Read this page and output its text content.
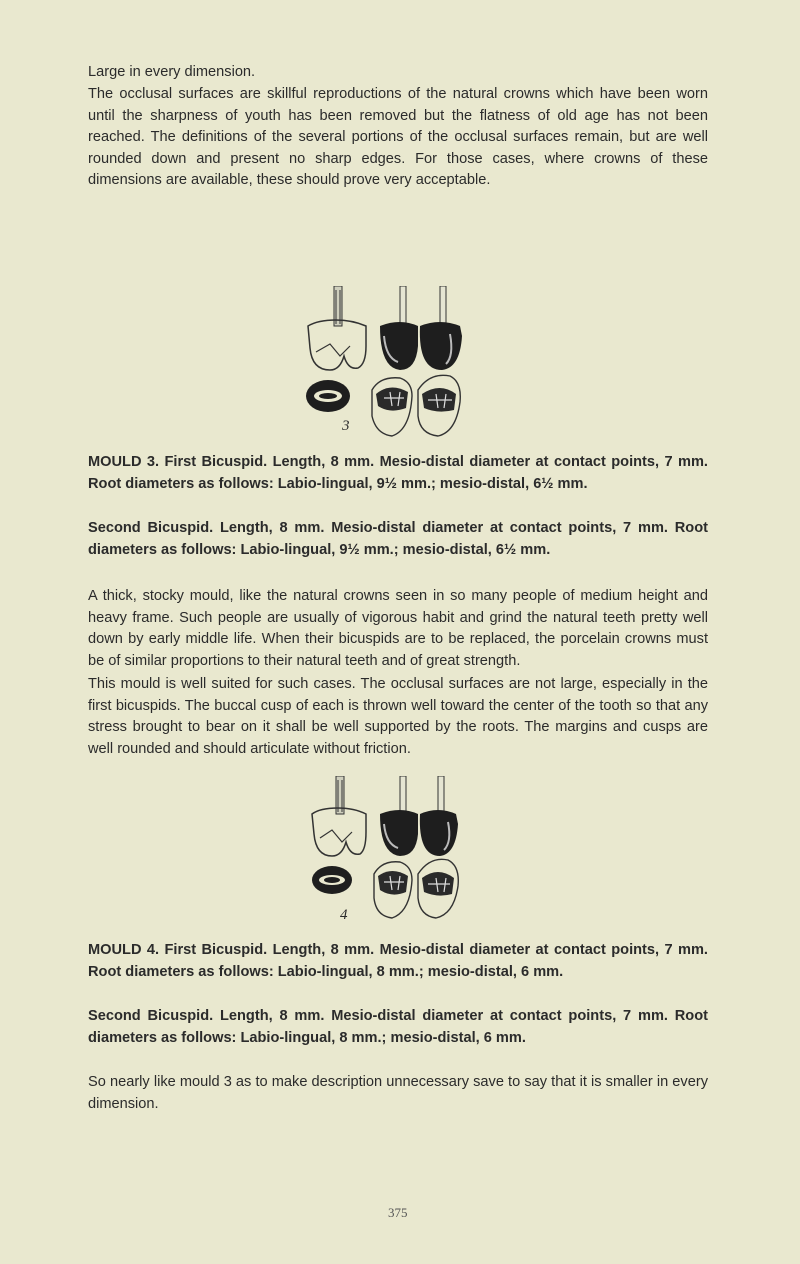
Large in every dimension.

The occlusal surfaces are skillful reproductions of the natural crowns which have been worn until the sharpness of youth has been removed but the flatness of old age has not been reached. The definitions of the several portions of the occlusal surfaces remain, but are well rounded down and present no sharp edges. For those cases, where crowns of these dimensions are available, these should prove very acceptable.

3

MOULD 3. First Bicuspid. Length, 8 mm. Mesio-distal diameter at contact points, 7 mm. Root diameters as follows: Labio-lingual, 9½ mm.; mesio-distal, 6½ mm.

Second Bicuspid. Length, 8 mm. Mesio-distal diameter at contact points, 7 mm. Root diameters as follows: Labio-lingual, 9½ mm.; mesio-distal, 6½ mm.

A thick, stocky mould, like the natural crowns seen in so many people of medium height and heavy frame. Such people are usually of vigorous habit and grind the natural teeth pretty well down by early middle life. When their bicuspids are to be replaced, the porcelain crowns must be of similar proportions to their natural teeth and of great strength.

This mould is well suited for such cases. The occlusal surfaces are not large, especially in the first bicuspids. The buccal cusp of each is thrown well toward the center of the tooth so that any stress brought to bear on it shall be well supported by the roots. The margins and cusps are well rounded and should articulate without friction.

4

MOULD 4. First Bicuspid. Length, 8 mm. Mesio-distal diameter at contact points, 7 mm. Root diameters as follows: Labio-lingual, 8 mm.; mesio-distal, 6 mm.

Second Bicuspid. Length, 8 mm. Mesio-distal diameter at contact points, 7 mm. Root diameters as follows: Labio-lingual, 8 mm.; mesio-distal, 6 mm.

So nearly like mould 3 as to make description unnecessary save to say that it is smaller in every dimension.

375
